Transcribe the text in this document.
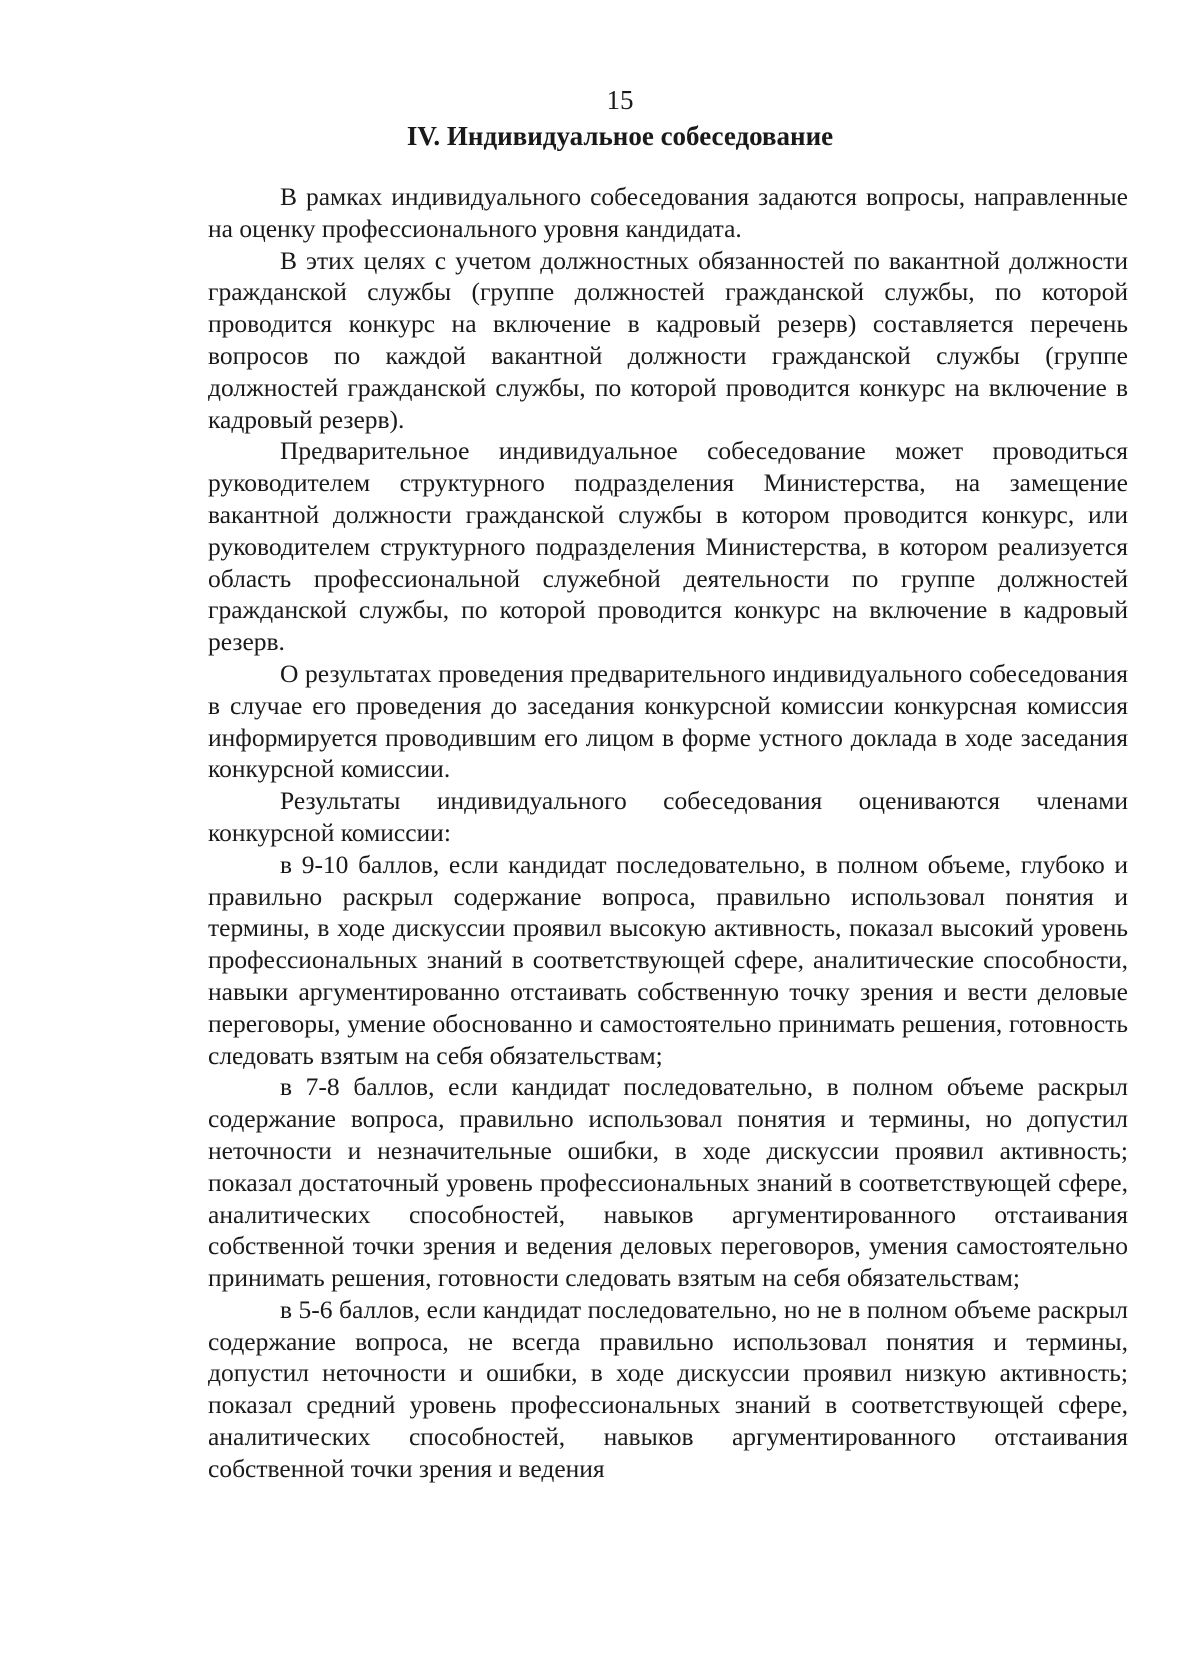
15
IV. Индивидуальное собеседование

В рамках индивидуального собеседования задаются вопросы, направленные на оценку профессионального уровня кандидата.

В этих целях с учетом должностных обязанностей по вакантной должности гражданской службы (группе должностей гражданской службы, по которой проводится конкурс на включение в кадровый резерв) составляется перечень вопросов по каждой вакантной должности гражданской службы (группе должностей гражданской службы, по которой проводится конкурс на включение в кадровый резерв).

Предварительное индивидуальное собеседование может проводиться руководителем структурного подразделения Министерства, на замещение вакантной должности гражданской службы в котором проводится конкурс, или руководителем структурного подразделения Министерства, в котором реализуется область профессиональной служебной деятельности по группе должностей гражданской службы, по которой проводится конкурс на включение в кадровый резерв.

О результатах проведения предварительного индивидуального собеседования в случае его проведения до заседания конкурсной комиссии конкурсная комиссия информируется проводившим его лицом в форме устного доклада в ходе заседания конкурсной комиссии.

Результаты индивидуального собеседования оцениваются членами конкурсной комиссии:

в 9-10 баллов, если кандидат последовательно, в полном объеме, глубоко и правильно раскрыл содержание вопроса, правильно использовал понятия и термины, в ходе дискуссии проявил высокую активность, показал высокий уровень профессиональных знаний в соответствующей сфере, аналитические способности, навыки аргументированно отстаивать собственную точку зрения и вести деловые переговоры, умение обоснованно и самостоятельно принимать решения, готовность следовать взятым на себя обязательствам;

в 7-8 баллов, если кандидат последовательно, в полном объеме раскрыл содержание вопроса, правильно использовал понятия и термины, но допустил неточности и незначительные ошибки, в ходе дискуссии проявил активность; показал достаточный уровень профессиональных знаний в соответствующей сфере, аналитических способностей, навыков аргументированного отстаивания собственной точки зрения и ведения деловых переговоров, умения самостоятельно принимать решения, готовности следовать взятым на себя обязательствам;

в 5-6 баллов, если кандидат последовательно, но не в полном объеме раскрыл содержание вопроса, не всегда правильно использовал понятия и термины, допустил неточности и ошибки, в ходе дискуссии проявил низкую активность; показал средний уровень профессиональных знаний в соответствующей сфере, аналитических способностей, навыков аргументированного отстаивания собственной точки зрения и ведения
